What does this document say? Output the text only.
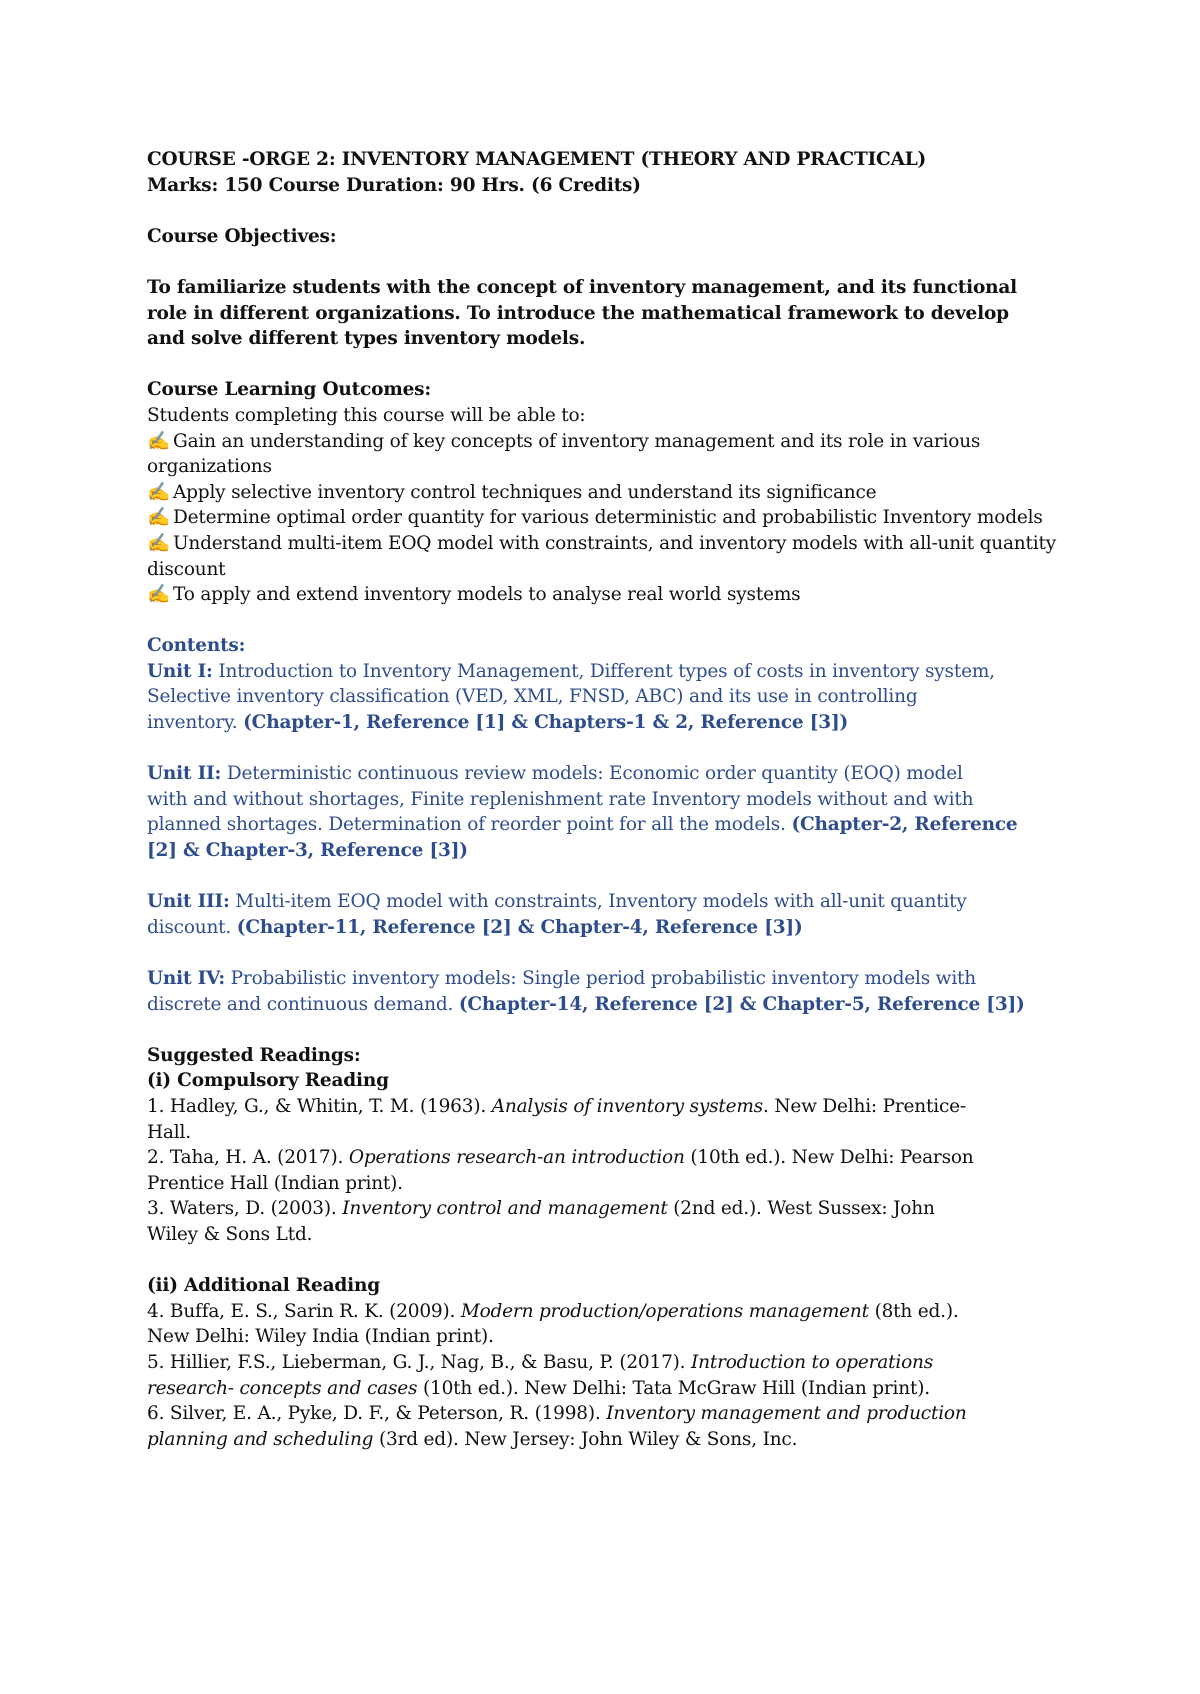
COURSE -ORGE 2: INVENTORY MANAGEMENT (THEORY AND PRACTICAL)
Marks: 150 Course Duration: 90 Hrs. (6 Credits)
Course Objectives:
To familiarize students with the concept of inventory management, and its functional
role in different organizations. To introduce the mathematical framework to develop
and solve different types inventory models.
Course Learning Outcomes:
Students completing this course will be able to:
✍ Gain an understanding of key concepts of inventory management and its role in various
organizations
✍ Apply selective inventory control techniques and understand its significance
✍ Determine optimal order quantity for various deterministic and probabilistic Inventory models
✍ Understand multi-item EOQ model with constraints, and inventory models with all-unit quantity
discount
✍ To apply and extend inventory models to analyse real world systems
Contents:
Unit I: Introduction to Inventory Management, Different types of costs in inventory system,
Selective inventory classification (VED, XML, FNSD, ABC) and its use in controlling
inventory. (Chapter-1, Reference [1] & Chapters-1 & 2, Reference [3])
Unit II: Deterministic continuous review models: Economic order quantity (EOQ) model
with and without shortages, Finite replenishment rate Inventory models without and with
planned shortages. Determination of reorder point for all the models. (Chapter-2, Reference
[2] & Chapter-3, Reference [3])
Unit III: Multi-item EOQ model with constraints, Inventory models with all-unit quantity
discount. (Chapter-11, Reference [2] & Chapter-4, Reference [3])
Unit IV: Probabilistic inventory models: Single period probabilistic inventory models with
discrete and continuous demand. (Chapter-14, Reference [2] & Chapter-5, Reference [3])
Suggested Readings:
(i) Compulsory Reading
1. Hadley, G., & Whitin, T. M. (1963). Analysis of inventory systems. New Delhi: Prentice-
Hall.
2. Taha, H. A. (2017). Operations research-an introduction (10th ed.). New Delhi: Pearson
Prentice Hall (Indian print).
3. Waters, D. (2003). Inventory control and management (2nd ed.). West Sussex: John
Wiley & Sons Ltd.
(ii) Additional Reading
4. Buffa, E. S., Sarin R. K. (2009). Modern production/operations management (8th ed.).
New Delhi: Wiley India (Indian print).
5. Hillier, F.S., Lieberman, G. J., Nag, B., & Basu, P. (2017). Introduction to operations
research- concepts and cases (10th ed.). New Delhi: Tata McGraw Hill (Indian print).
6. Silver, E. A., Pyke, D. F., & Peterson, R. (1998). Inventory management and production
planning and scheduling (3rd ed). New Jersey: John Wiley & Sons, Inc.
